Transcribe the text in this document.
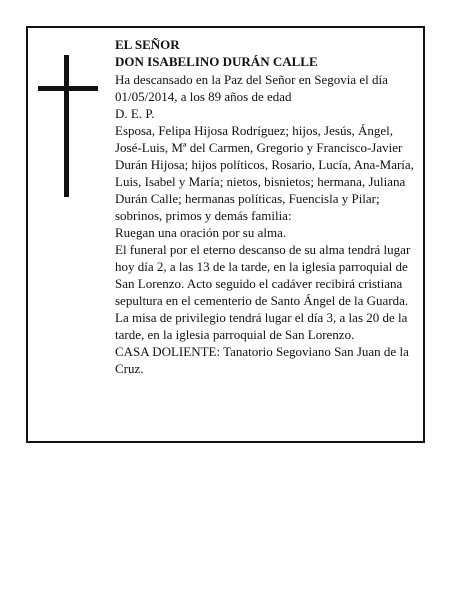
EL SEÑOR

DON ISABELINO DURÁN CALLE

Ha descansado en la Paz del Señor en Segovia el día 01/05/2014, a los 89 años de edad

D. E. P.

Esposa, Felipa Hijosa Rodríguez; hijos, Jesús, Ángel, José-Luis, Mª del Carmen, Gregorio y Francisco-Javier Durán Hijosa; hijos políticos, Rosario, Lucía, Ana-María, Luis, Isabel y María; nietos, bisnietos; hermana, Juliana Durán Calle; hermanas políticas, Fuencisla y Pilar; sobrinos, primos y demás familia:

Ruegan una oración por su alma.

El funeral por el eterno descanso de su alma tendrá lugar hoy día 2, a las 13 de la tarde, en la iglesia parroquial de San Lorenzo. Acto seguido el cadáver recibirá cristiana sepultura en el cementerio de Santo Ángel de la Guarda. La misa de privilegio tendrá lugar el día 3, a las 20 de la tarde, en la iglesia parroquial de San Lorenzo.

CASA DOLIENTE: Tanatorio Segoviano San Juan de la Cruz.
